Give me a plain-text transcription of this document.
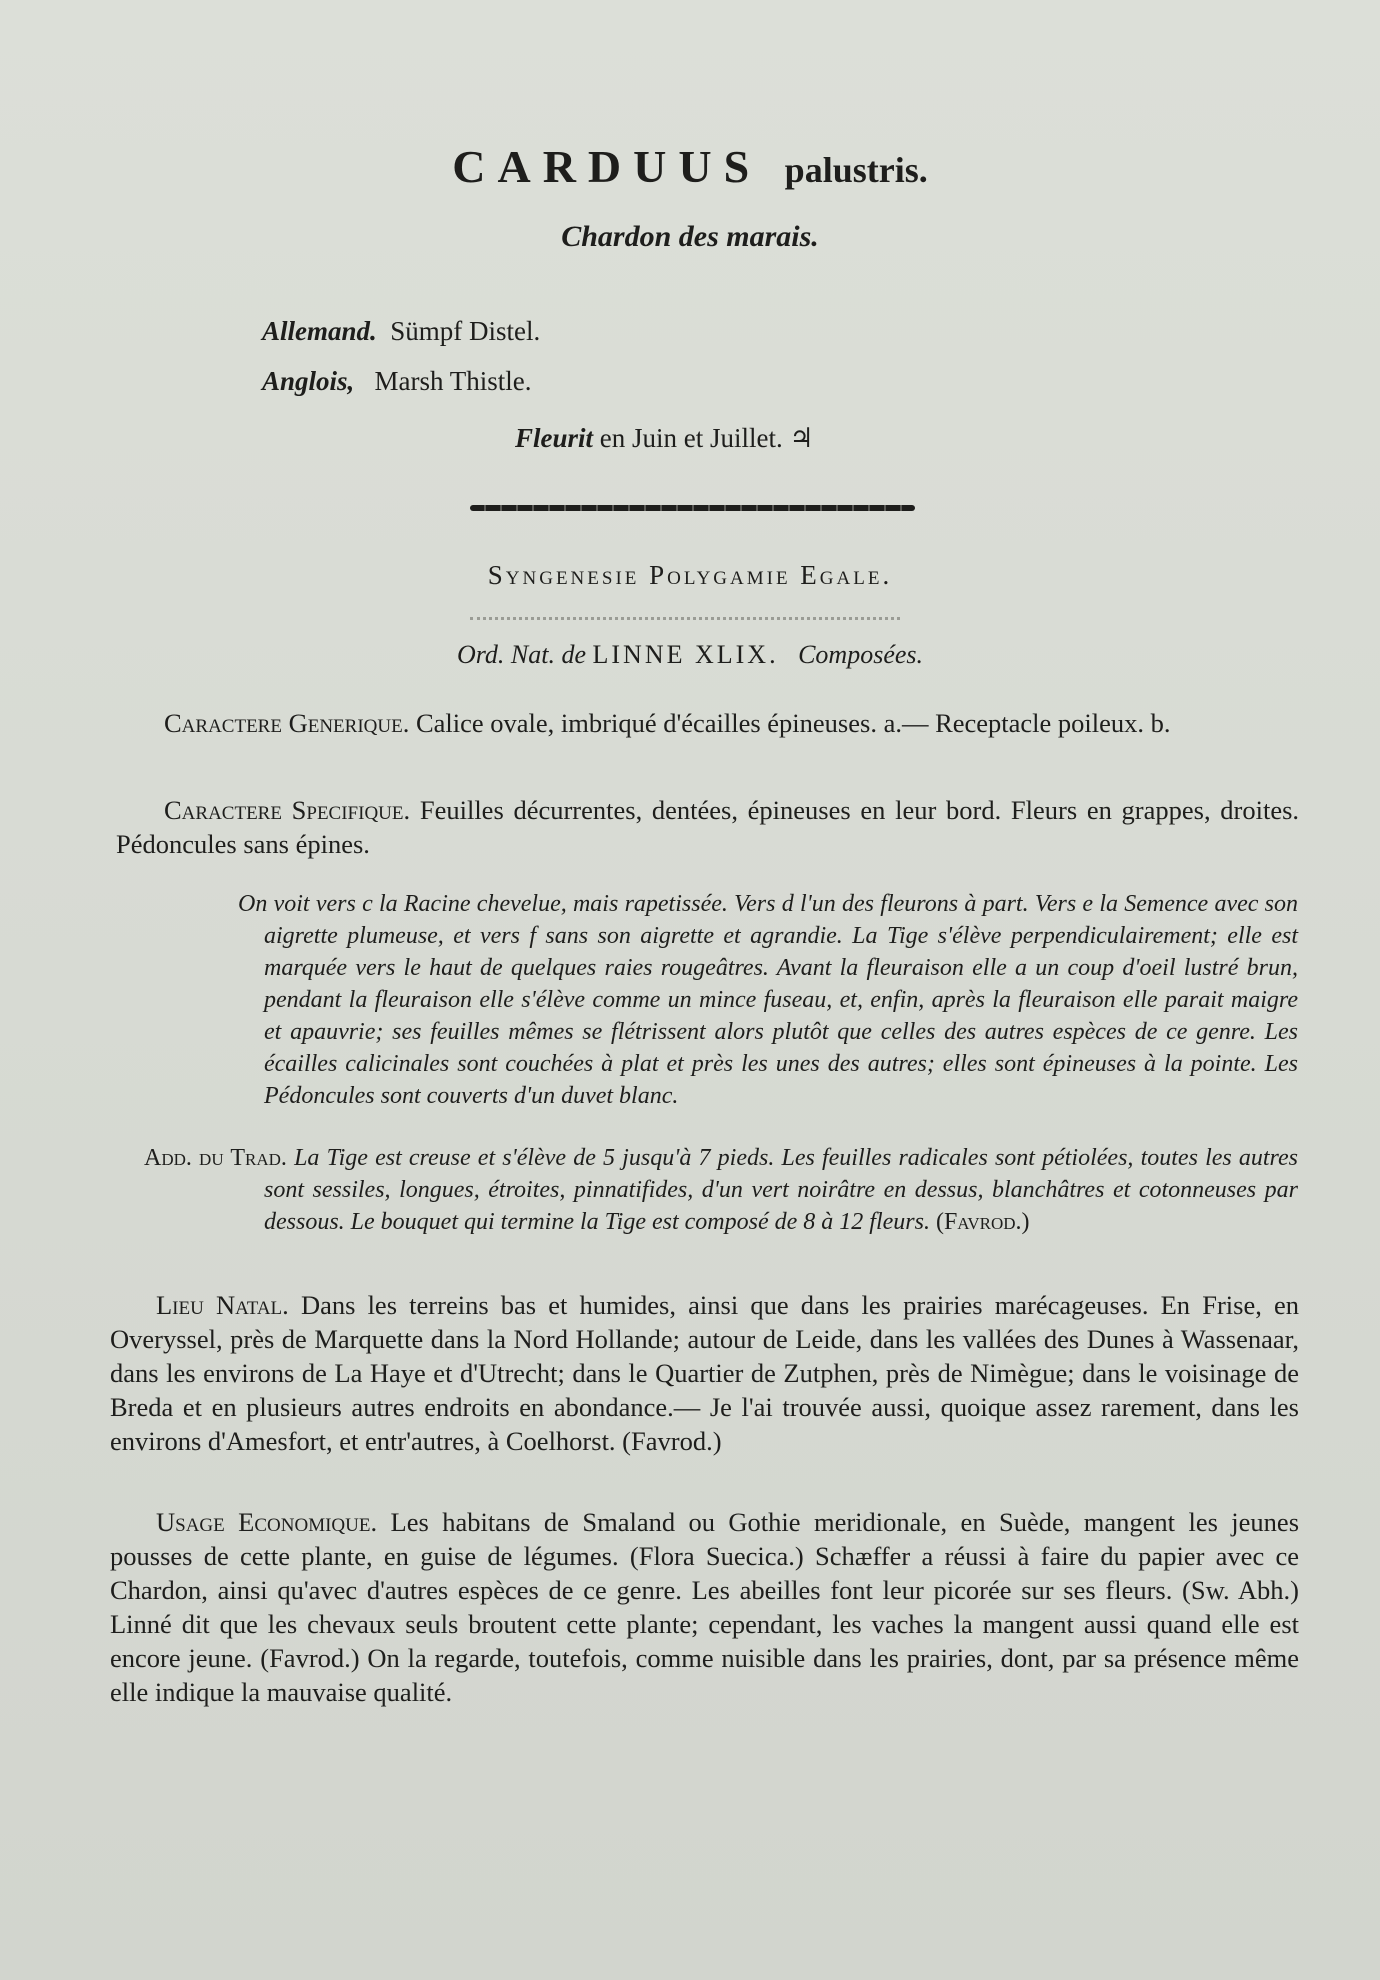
CARDUUS palustris.
Chardon des marais.
Allemand. Sümpf Distel.
Anglois, Marsh Thistle.
Fleurit en Juin et Juillet. ♃
Syngenesie Polygamie Egale.
Ord. Nat. de LINNE XLIX. Composées.
Caractere Generique. Calice ovale, imbriqué d'écailles épineuses. a.— Receptacle poileux. b.
Caractere Specifique. Feuilles décurrentes, dentées, épineuses en leur bord. Fleurs en grappes, droites. Pédoncules sans épines.
On voit vers c la Racine chevelue, mais rapetissée. Vers d l'un des fleurons à part. Vers e la Semence avec son aigrette plumeuse, et vers f sans son aigrette et agrandie. La Tige s'élève perpendiculairement; elle est marquée vers le haut de quelques raies rougeâtres. Avant la fleuraison elle a un coup d'oeil lustré brun, pendant la fleuraison elle s'élève comme un mince fuseau, et, enfin, après la fleuraison elle parait maigre et apauvrie; ses feuilles mêmes se flétrissent alors plutôt que celles des autres espèces de ce genre. Les écailles calicinales sont couchées à plat et près les unes des autres; elles sont épineuses à la pointe. Les Pédoncules sont couverts d'un duvet blanc.
Add. du Trad. La Tige est creuse et s'élève de 5 jusqu'à 7 pieds. Les feuilles radicales sont pétiolées, toutes les autres sont sessiles, longues, étroites, pinnatifides, d'un vert noirâtre en dessus, blanchâtres et cotonneuses par dessous. Le bouquet qui termine la Tige est composé de 8 à 12 fleurs. (Favrod.)
Lieu Natal. Dans les terreins bas et humides, ainsi que dans les prairies marécageuses. En Frise, en Overyssel, près de Marquette dans la Nord Hollande; autour de Leide, dans les vallées des Dunes à Wassenaar, dans les environs de La Haye et d'Utrecht; dans le Quartier de Zutphen, près de Nimègue; dans le voisinage de Breda et en plusieurs autres endroits en abondance.— Je l'ai trouvée aussi, quoique assez rarement, dans les environs d'Amesfort, et entr'autres, à Coelhorst. (Favrod.)
Usage Economique. Les habitans de Smaland ou Gothie meridionale, en Suède, mangent les jeunes pousses de cette plante, en guise de légumes. (Flora Suecica.) Schæffer a réussi à faire du papier avec ce Chardon, ainsi qu'avec d'autres espèces de ce genre. Les abeilles font leur picorée sur ses fleurs. (Sw. Abh.) Linné dit que les chevaux seuls broutent cette plante; cependant, les vaches la mangent aussi quand elle est encore jeune. (Favrod.) On la regarde, toutefois, comme nuisible dans les prairies, dont, par sa présence même elle indique la mauvaise qualité.
